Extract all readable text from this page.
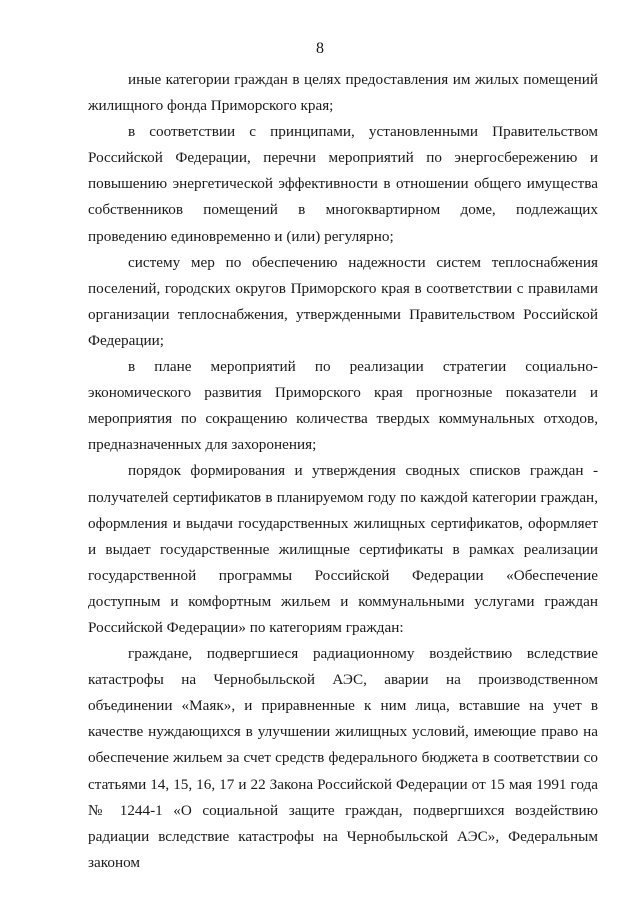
8

иные категории граждан в целях предоставления им жилых помещений жилищного фонда Приморского края;

в соответствии с принципами, установленными Правительством Российской Федерации, перечни мероприятий по энергосбережению и повышению энергетической эффективности в отношении общего имущества собственников помещений в многоквартирном доме, подлежащих проведению единовременно и (или) регулярно;

систему мер по обеспечению надежности систем теплоснабжения поселений, городских округов Приморского края в соответствии с правилами организации теплоснабжения, утвержденными Правительством Российской Федерации;

в плане мероприятий по реализации стратегии социально-экономического развития Приморского края прогнозные показатели и мероприятия по сокращению количества твердых коммунальных отходов, предназначенных для захоронения;

порядок формирования и утверждения сводных списков граждан - получателей сертификатов в планируемом году по каждой категории граждан, оформления и выдачи государственных жилищных сертификатов, оформляет и выдает государственные жилищные сертификаты в рамках реализации государственной программы Российской Федерации «Обеспечение доступным и комфортным жильем и коммунальными услугами граждан Российской Федерации» по категориям граждан:

граждане, подвергшиеся радиационному воздействию вследствие катастрофы на Чернобыльской АЭС, аварии на производственном объединении «Маяк», и приравненные к ним лица, вставшие на учет в качестве нуждающихся в улучшении жилищных условий, имеющие право на обеспечение жильем за счет средств федерального бюджета в соответствии со статьями 14, 15, 16, 17 и 22 Закона Российской Федерации от 15 мая 1991 года № 1244-1 «О социальной защите граждан, подвергшихся воздействию радиации вследствие катастрофы на Чернобыльской АЭС», Федеральным законом
